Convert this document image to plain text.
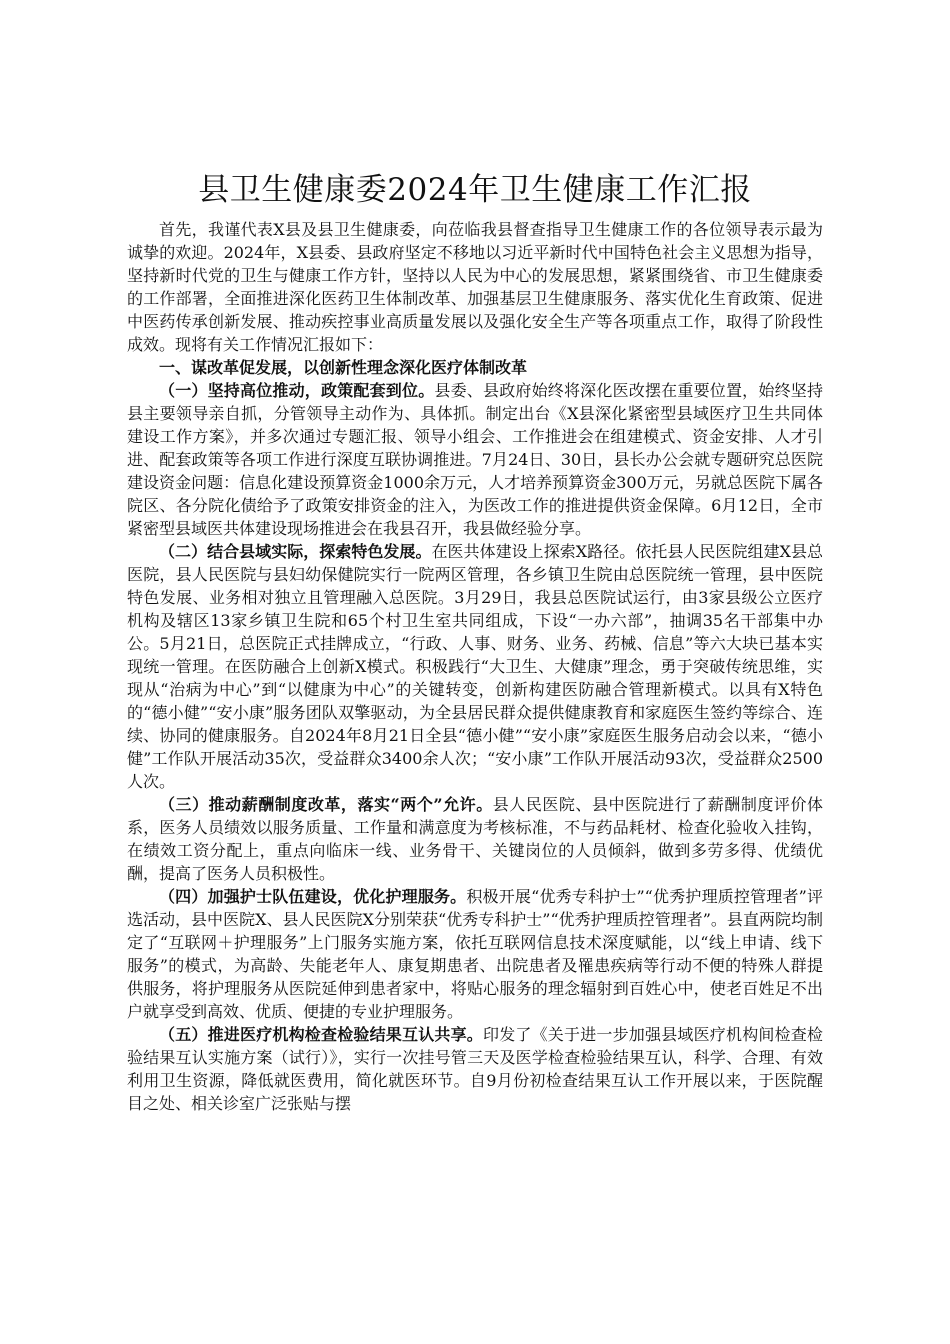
县卫生健康委2024年卫生健康工作汇报

首先，我谨代表X县及县卫生健康委，向莅临我县督查指导卫生健康工作的各位领导表示最为诚挚的欢迎。2024年，X县委、县政府坚定不移地以习近平新时代中国特色社会主义思想为指导，坚持新时代党的卫生与健康工作方针，坚持以人民为中心的发展思想，紧紧围绕省、市卫生健康委的工作部署，全面推进深化医药卫生体制改革、加强基层卫生健康服务、落实优化生育政策、促进中医药传承创新发展、推动疾控事业高质量发展以及强化安全生产等各项重点工作，取得了阶段性成效。现将有关工作情况汇报如下：

一、谋改革促发展，以创新性理念深化医疗体制改革

（一）坚持高位推动，政策配套到位。县委、县政府始终将深化医改摆在重要位置，始终坚持县主要领导亲自抓，分管领导主动作为、具体抓。制定出台《X县深化紧密型县域医疗卫生共同体建设工作方案》，并多次通过专题汇报、领导小组会、工作推进会在组建模式、资金安排、人才引进、配套政策等各项工作进行深度互联协调推进。7月24日、30日，县长办公会就专题研究总医院建设资金问题：信息化建设预算资金1000余万元，人才培养预算资金300万元，另就总医院下属各院区、各分院化债给予了政策安排资金的注入，为医改工作的推进提供资金保障。6月12日，全市紧密型县域医共体建设现场推进会在我县召开，我县做经验分享。

（二）结合县域实际，探索特色发展。在医共体建设上探索X路径。依托县人民医院组建X县总医院，县人民医院与县妇幼保健院实行一院两区管理，各乡镇卫生院由总医院统一管理，县中医院特色发展、业务相对独立且管理融入总医院。3月29日，我县总医院试运行，由3家县级公立医疗机构及辖区13家乡镇卫生院和65个村卫生室共同组成，下设“一办六部”，抽调35名干部集中办公。5月21日，总医院正式挂牌成立，“行政、人事、财务、业务、药械、信息”等六大块已基本实现统一管理。在医防融合上创新X模式。积极践行“大卫生、大健康”理念，勇于突破传统思维，实现从“治病为中心”到“以健康为中心”的关键转变，创新构建医防融合管理新模式。以具有X特色的“德小健”“安小康”服务团队双擎驱动，为全县居民群众提供健康教育和家庭医生签约等综合、连续、协同的健康服务。自2024年8月21日全县“德小健”“安小康”家庭医生服务启动会以来，“德小健”工作队开展活动35次，受益群众3400余人次；“安小康”工作队开展活动93次，受益群众2500人次。

（三）推动薪酬制度改革，落实“两个”允许。县人民医院、县中医院进行了薪酬制度评价体系，医务人员绩效以服务质量、工作量和满意度为考核标准，不与药品耗材、检查化验收入挂钩，在绩效工资分配上，重点向临床一线、业务骨干、关键岗位的人员倾斜，做到多劳多得、优绩优酬，提高了医务人员积极性。

（四）加强护士队伍建设，优化护理服务。积极开展“优秀专科护士”“优秀护理质控管理者”评选活动，县中医院X、县人民医院X分别荣获“优秀专科护士”“优秀护理质控管理者”。县直两院均制定了“互联网＋护理服务”上门服务实施方案，依托互联网信息技术深度赋能，以“线上申请、线下服务”的模式，为高龄、失能老年人、康复期患者、出院患者及罹患疾病等行动不便的特殊人群提供服务，将护理服务从医院延伸到患者家中，将贴心服务的理念辐射到百姓心中，使老百姓足不出户就享受到高效、优质、便捷的专业护理服务。

（五）推进医疗机构检查检验结果互认共享。印发了《关于进一步加强县域医疗机构间检查检验结果互认实施方案（试行）》，实行一次挂号管三天及医学检查检验结果互认，科学、合理、有效利用卫生资源，降低就医费用，简化就医环节。自9月份初检查结果互认工作开展以来，于医院醒目之处、相关诊室广泛张贴与摆
